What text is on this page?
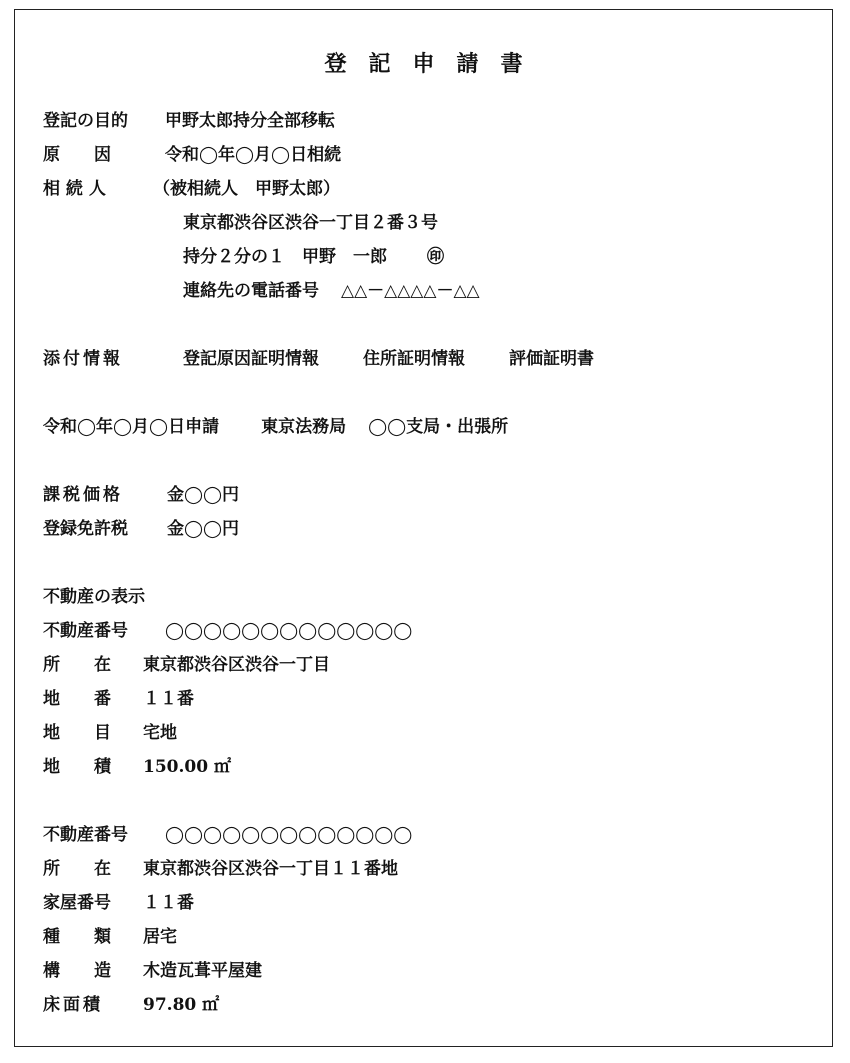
登記申請書
登記の目的 甲野太郎持分全部移転
原　　因	令和◯年◯月◯日相続
相 続 人	（被相続人　甲野太郎）
東京都渋谷区渋谷一丁目２番３号
持分２分の１　甲野　一郎 ㊞
連絡先の電話番号 △△－△△△△－△△
添付情報	登記原因証明情報	住所証明情報	評価証明書
令和◯年◯月◯日申請 東京法務局 ◯◯支局・出張所
課税価格	金◯◯円
登録免許税 金◯◯円
不動産の表示
不動産番号 ◯◯◯◯◯◯◯◯◯◯◯◯◯
所　　在 東京都渋谷区渋谷一丁目
地　　番 １１番
地　　目 宅地
地　　積 150.00 ㎡
不動産番号 ◯◯◯◯◯◯◯◯◯◯◯◯◯
所　　在 東京都渋谷区渋谷一丁目１１番地
家屋番号 １１番
種　　類 居宅
構　　造 木造瓦葺平屋建
床面積 97.80 ㎡
